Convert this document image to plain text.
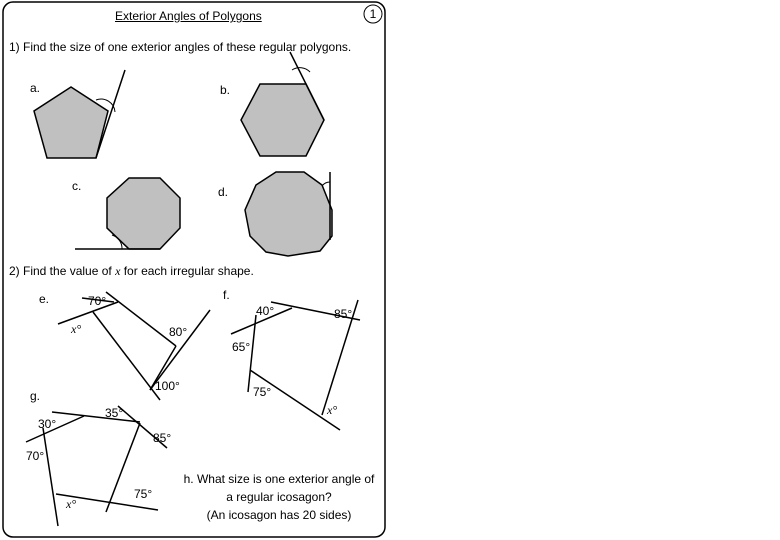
1
Exterior Angles of Polygons
1) Find the size of one exterior angles of these regular polygons.
a.	b.
c.	d.
2) Find the value of x for each irregular shape.
e.	70°
80°
100°
x°
f.
40°	85°
65°
75°
x°
g.
30°
35°
85°
70°
75°
x°
h. What size is one exterior angle of
a regular icosagon?
(An icosagon has 20 sides)
